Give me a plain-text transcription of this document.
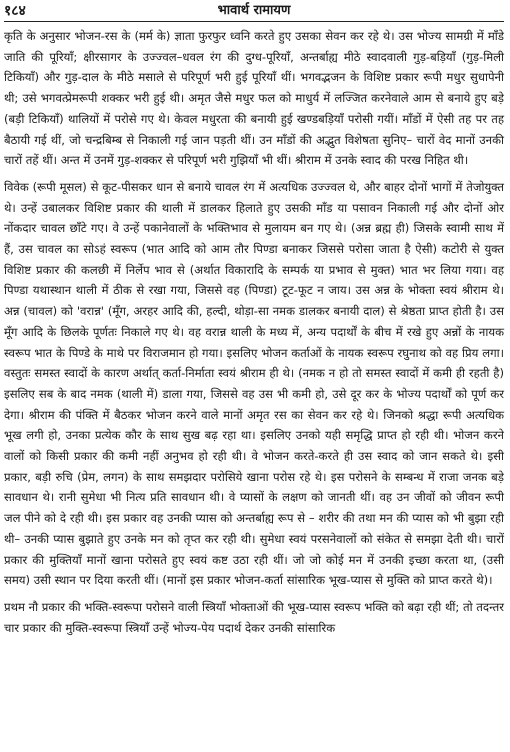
१८४	भावार्थ रामायण

कृति के अनुसार भोजन-रस के (मर्म के) ज्ञाता फुरफुर ध्वनि करते हुए उसका सेवन कर रहे थे। उस भोज्य सामग्री में माँडे जाति की पूरियाँ; क्षीरसागर के उज्ज्वल–धवल रंग की दुग्ध-पूरियाँ, अन्तर्बाह्य मीठे स्वादवाली गुड़-बड़ियाँ (गुड़-मिली टिकियाँ) और गुड़-दाल के मीठे मसाले से परिपूर्ण भरी हुई पूरियाँ थीं। भगवद्भजन के विशिष्ट प्रकार रूपी मधुर सुधापेनी थी; उसे भगवत्प्रेमरूपी शक्कर भरी हुई थी। अमृत जैसे मधुर फल को माधुर्य में लज्जित करनेवाले आम से बनाये हुए बड़े (बड़ी टिकियाँ) थालियों में परोसे गए थे। केवल मधुरता की बनायी हुई खण्डबड़ियाँ परोसी गयीं। माँडों में ऐसी तह पर तह बैठायी गई थीं, जो चन्द्रबिम्ब से निकाली गई जान पड़ती थीं। उन माँडों की अद्भुत विशेषता सुनिए– चारों वेद मानों उनकी चारों तहें थीं। अन्त में उनमें गुड़-शक्कर से परिपूर्ण भरी गुझियाँ भी थीं। श्रीराम में उनके स्वाद की परख निहित थी।

विवेक (रूपी मूसल) से कूट-पीसकर धान से बनाये चावल रंग में अत्यधिक उज्ज्वल थे, और बाहर दोनों भागों में तेजोयुक्त थे। उन्हें उबालकर विशिष्ट प्रकार की थाली में डालकर हिलाते हुए उसकी माँड या पसावन निकाली गई और दोनों ओर नोंकदार चावल छाँटे गए। वे उन्हें पकानेवालों के भक्तिभाव से मुलायम बन गए थे। (अन्न ब्रह्म ही) जिसके स्वामी साथ में हैं, उस चावल का सोऽहं स्वरूप (भात आदि को आम तौर पिण्डा बनाकर जिससे परोसा जाता है ऐसी) कटोरी से युक्त विशिष्ट प्रकार की कलछी में निर्लेप भाव से (अर्थात विकारादि के सम्पर्क या प्रभाव से मुक्त) भात भर लिया गया। वह पिण्डा यथास्थान थाली में ठीक से रखा गया, जिससे वह (पिण्डा) टूट-फूट न जाय। उस अन्न के भोक्ता स्वयं श्रीराम थे। अन्न (चावल) को 'वरान्न' (मूँग, अरहर आदि की, हल्दी, थोड़ा-सा नमक डालकर बनायी दाल) से श्रेष्ठता प्राप्त होती है। उस मूँग आदि के छिलके पूर्णतः निकाले गए थे। वह वरान्न थाली के मध्य में, अन्य पदार्थों के बीच में रखे हुए अन्नों के नायक स्वरूप भात के पिण्डे के माथे पर विराजमान हो गया। इसलिए भोजन कर्ताओं के नायक स्वरूप रघुनाथ को वह प्रिय लगा। वस्तुतः समस्त स्वादों के कारण अर्थात् कर्ता-निर्माता स्वयं श्रीराम ही थे। (नमक न हो तो समस्त स्वादों में कमी ही रहती है) इसलिए सब के बाद नमक (थाली में) डाला गया, जिससे वह उस भी कमी हो, उसे दूर कर के भोज्य पदार्थों को पूर्ण कर देगा। श्रीराम की पंक्ति में बैठकर भोजन करने वाले मानों अमृत रस का सेवन कर रहे थे। जिनको श्रद्धा रूपी अत्यधिक भूख लगी हो, उनका प्रत्येक कौर के साथ सुख बढ़ रहा था। इसलिए उनको यही समृद्धि प्राप्त हो रही थी। भोजन करने वालों को किसी प्रकार की कमी नहीं अनुभव हो रही थी। वे भोजन करते-करते ही उस स्वाद को जान सकते थे। इसी प्रकार, बड़ी रुचि (प्रेम, लगन) के साथ समझदार परोसिये खाना परोस रहे थे। इस परोसने के सम्बन्ध में राजा जनक बड़े सावधान थे। रानी सुमेधा भी नित्य प्रति सावधान थी। वे प्यासों के लक्षण को जानती थीं। वह उन जीवों को जीवन रूपी जल पीने को दे रही थी। इस प्रकार वह उनकी प्यास को अन्तर्बाह्य रूप से – शरीर की तथा मन की प्यास को भी बुझा रही थी– उनकी प्यास बुझाते हुए उनके मन को तृप्त कर रही थी। सुमेधा स्वयं परसनेवालों को संकेत से समझा देती थी। चारों प्रकार की मुक्तियाँ मानों खाना परोसते हुए स्वयं कष्ट उठा रही थीं। जो जो कोई मन में उनकी इच्छा करता था, (उसी समय) उसी स्थान पर दिया करती थीं। (मानों इस प्रकार भोजन-कर्ता सांसारिक भूख-प्यास से मुक्ति को प्राप्त करते थे)।

प्रथम नौ प्रकार की भक्ति-स्वरूपा परोसने वाली स्त्रियाँ भोक्ताओं की भूख-प्यास स्वरूप भक्ति को बढ़ा रही थीं; तो तदन्तर चार प्रकार की मुक्ति-स्वरूपा स्त्रियाँ उन्हें भोज्य-पेय पदार्थ देकर उनकी सांसारिक
